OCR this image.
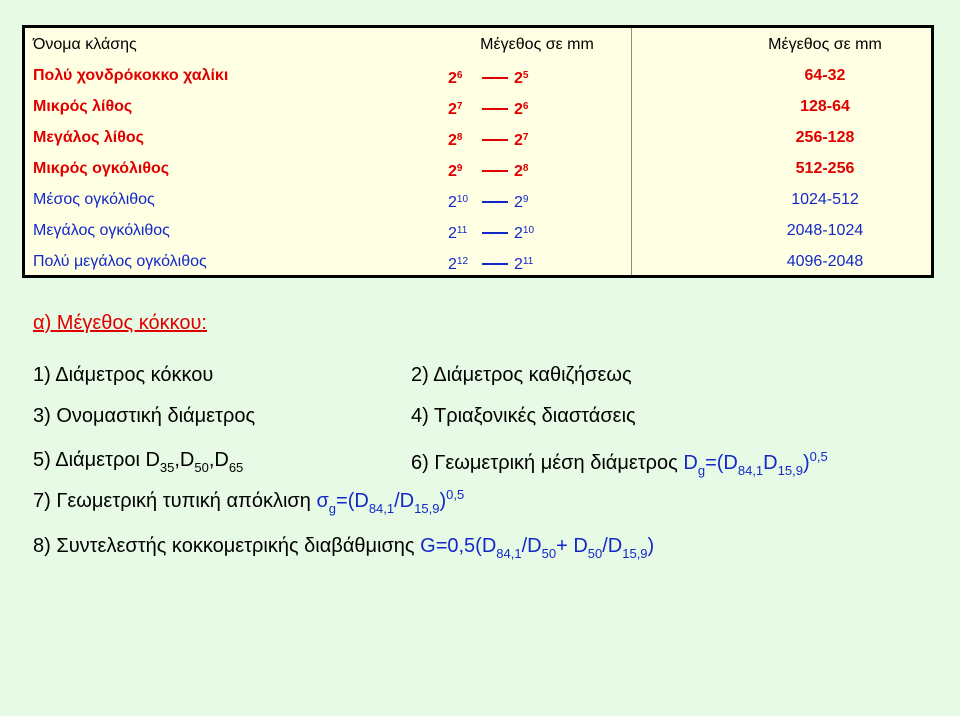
Όνομα κλάσης	Μέγεθος σε mm	Μέγεθος σε mm
Πολύ χονδρόκοκκο χαλίκι	$2^6$	$2^5$	64-32
Μικρός λίθος	$2^7$	$2^6$	128-64
Μεγάλος λίθος	$2^8$	$2^7$	256-128
Μικρός ογκόλιθος	$2^9$	$2^8$	512-256
Μέσος ογκόλιθος	$2^{10}$	$2^9$	1024-512
Μεγάλος ογκόλιθος	$2^{11}$	$2^{10}$	2048-1024
Πολύ μεγάλος ογκόλιθος	$2^{12}$	$2^{11}$	4096-2048
α) Μέγεθος κόκκου:
1) Διάμετρος κόκκου	2) Διάμετρος καθιζήσεως
3) Ονομαστική διάμετρος	4) Τριαξονικές διαστάσεις
5) Διάμετροι $D_{35},D_{50},D_{65}$	6) Γεωμετρική μέση διάμετρος $D_g=(D_{84,1}D_{15,9})^{0,5}$
7) Γεωμετρική τυπική απόκλιση $\sigma_g=(D_{84,1}/D_{15,9})^{0,5}$
8) Συντελεστής κοκκομετρικής διαβάθμισης $G=0,5(D_{84,1}/D_{50}+ D_{50}/D_{15,9})$
